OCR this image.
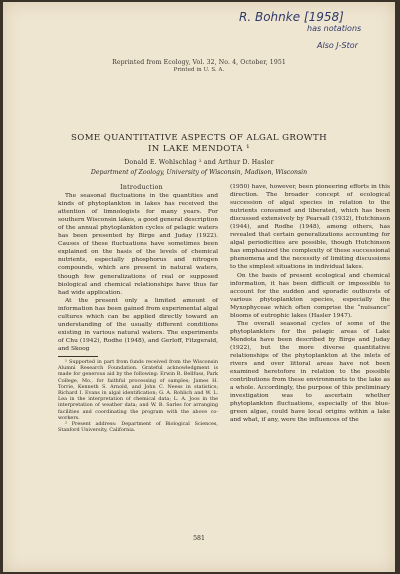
R. Bohnke [1958]
has notations
Also J-Stor
Reprinted from Ecology, Vol. 32, No. 4, October, 1951
Printed in U. S. A.
SOME QUANTITATIVE ASPECTS OF ALGAL GROWTH
IN LAKE MENDOTA ¹
Donald E. Wohlschlag ² and Arthur D. Hasler
Department of Zoology, University of Wisconsin, Madison, Wisconsin

Introduction

The seasonal fluctuations in the quantities and kinds of phytoplankton in lakes has received the attention of limnologists for many years. For southern Wisconsin lakes, a good general description of the annual phytoplankton cycles of pelagic waters has been presented by Birge and Juday (1922). Causes of these fluctuations have sometimes been explained on the basis of the levels of chemical nutrients, especially phosphorus and nitrogen compounds, which are present in natural waters, though few generalizations of real or supposed biological and chemical relationships have thus far had wide application.

At the present only a limited amount of information has been gained from experimental algal cultures which can be applied directly toward an understanding of the usually different conditions existing in various natural waters. The experiments of Chu (1942), Rodhe (1948), and Gerloff, Fitzgerald, and Skoog

¹ Supported in part from funds received from the Wisconsin Alumni Research Foundation. Grateful acknowledgment is made for generous aid by the following: Erwin R. Bellfuss, Park College, Mo., for faithful processing of samples; James H. Torrie, Kenneth S. Arnold, and John C. Neess in statistics; Richard I. Evans in algal identification; G. A. Rohlich and W. L. Lea in the interpretation of chemical data; L. A. Joos in the interpretation of weather data; and W. B. Sarles for arranging facilities and coordinating the program with the above co-workers.

² Present address: Department of Biological Sciences, Stanford University, California.

(1950) have, however, been pioneering efforts in this direction. The broader concept of ecological succession of algal species in relation to the nutrients consumed and liberated, which has been discussed extensively by Pearsall (1932), Hutchinson (1944), and Rodhe (1948), among others, has revealed that certain generalizations accounting for algal periodicities are possible, though Hutchinson has emphasized the complexity of these successional phenomena and the necessity of limiting discussions to the simplest situations in individual lakes.

On the basis of present ecological and chemical information, it has been difficult or impossible to account for the sudden and sporadic outbursts of various phytoplankton species, especially the Myxophyceae which often comprise the “nuisance” blooms of eutrophic lakes (Hasler 1947).

The overall seasonal cycles of some of the phytoplankters for the pelagic areas of Lake Mendota have been described by Birge and Juday (1922), but the more diverse quantitative relationships of the phytoplankton at the inlets of rivers and over littoral areas have not been examined heretofore in relation to the possible contributions from these environments to the lake as a whole. Accordingly, the purpose of this preliminary investigation was to ascertain whether phytoplankton fluctuations, especially of the blue-green algae, could have local origins within a lake and what, if any, were the influences of the

581
